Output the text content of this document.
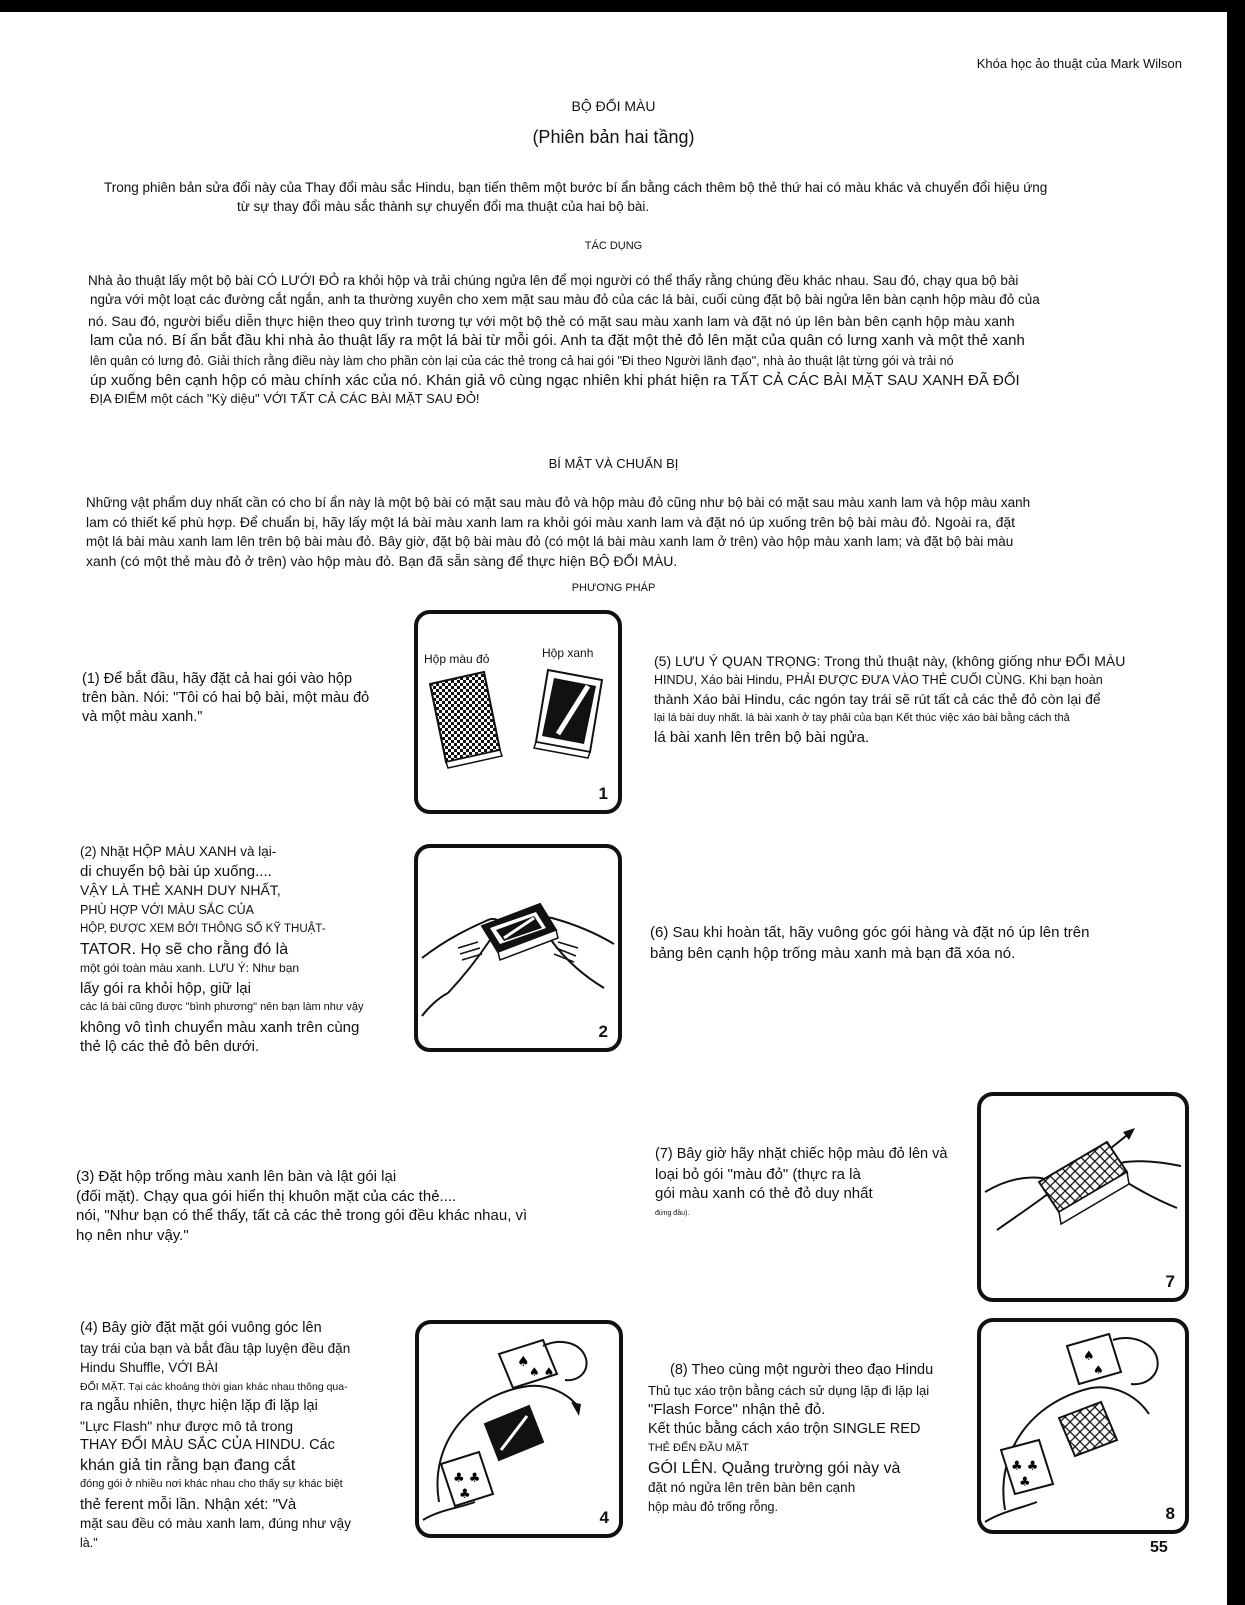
Khóa học ảo thuật của Mark Wilson
BỘ ĐỔI MÀU
(Phiên bản hai tầng)
Trong phiên bản sửa đổi này của Thay đổi màu sắc Hindu, bạn tiến thêm một bước bí ẩn bằng cách thêm bộ thẻ thứ hai có màu khác và chuyển đổi hiệu ứng
từ sự thay đổi màu sắc thành sự chuyển đổi ma thuật của hai bộ bài.
TÁC DỤNG
Nhà ảo thuật lấy một bộ bài CÓ LƯỚI ĐỎ ra khỏi hộp và trải chúng ngửa lên để mọi người có thể thấy rằng chúng đều khác nhau. Sau đó, chạy qua bộ bài
ngửa với một loạt các đường cắt ngắn, anh ta thường xuyên cho xem mặt sau màu đỏ của các lá bài, cuối cùng đặt bộ bài ngửa lên bàn cạnh hộp màu đỏ của
nó. Sau đó, người biểu diễn thực hiện theo quy trình tương tự với một bộ thẻ có mặt sau màu xanh lam và đặt nó úp lên bàn bên cạnh hộp màu xanh
lam của nó. Bí ẩn bắt đầu khi nhà ảo thuật lấy ra một lá bài từ mỗi gói. Anh ta đặt một thẻ đỏ lên mặt của quân có lưng xanh và một thẻ xanh
lên quân có lưng đỏ. Giải thích rằng điều này làm cho phần còn lại của các thẻ trong cả hai gói "Đi theo Người lãnh đạo", nhà ảo thuật lật từng gói và trải nó
úp xuống bên cạnh hộp có màu chính xác của nó. Khán giả vô cùng ngạc nhiên khi phát hiện ra TẤT CẢ CÁC BÀI MẶT SAU XANH ĐÃ ĐỔI
ĐỊA ĐIỂM một cách "Kỳ diệu" VỚI TẤT CẢ CÁC BÀI MẶT SAU ĐỎ!
BÍ MẬT VÀ CHUẨN BỊ
Những vật phẩm duy nhất cần có cho bí ẩn này là một bộ bài có mặt sau màu đỏ và hộp màu đỏ cũng như bộ bài có mặt sau màu xanh lam và hộp màu xanh
lam có thiết kế phù hợp. Để chuẩn bị, hãy lấy một lá bài màu xanh lam ra khỏi gói màu xanh lam và đặt nó úp xuống trên bộ bài màu đỏ. Ngoài ra, đặt
một lá bài màu xanh lam lên trên bộ bài màu đỏ. Bây giờ, đặt bộ bài màu đỏ (có một lá bài màu xanh lam ở trên) vào hộp màu xanh lam; và đặt bộ bài màu
xanh (có một thẻ màu đỏ ở trên) vào hộp màu đỏ. Bạn đã sẵn sàng để thực hiện BỘ ĐỔI MÀU.
PHƯƠNG PHÁP
(1) Để bắt đầu, hãy đặt cả hai gói vào hộp
trên bàn. Nói: "Tôi có hai bộ bài, một màu đỏ
và một màu xanh."
Hộp màu đỏ	Hộp xanh
1
(5) LƯU Ý QUAN TRỌNG: Trong thủ thuật này, (không giống như ĐỔI MÀU
HINDU, Xáo bài Hindu, PHẢI ĐƯỢC ĐƯA VÀO THẺ CUỐI CÙNG. Khi bạn hoàn
thành Xáo bài Hindu, các ngón tay trái sẽ rút tất cả các thẻ đỏ còn lại để
lại lá bài duy nhất. lá bài xanh ở tay phải của bạn Kết thúc việc xáo bài bằng cách thả
lá bài xanh lên trên bộ bài ngửa.
(2) Nhặt HỘP MÀU XANH và lại-
di chuyển bộ bài úp xuống....
VẬY LÀ THẺ XANH DUY NHẤT,
PHÙ HỢP VỚI MÀU SẮC CỦA
HỘP, ĐƯỢC XEM BỞI THÔNG SỐ KỸ THUẬT-
TATOR. Họ sẽ cho rằng đó là
một gói toàn màu xanh. LƯU Ý: Như bạn
lấy gói ra khỏi hộp, giữ lại
các lá bài cũng được "bình phương" nên bạn làm như vậy
không vô tình chuyển màu xanh trên cùng
thẻ lộ các thẻ đỏ bên dưới.
2
(6) Sau khi hoàn tất, hãy vuông góc gói hàng và đặt nó úp lên trên
bảng bên cạnh hộp trống màu xanh mà bạn đã xóa nó.
(3) Đặt hộp trống màu xanh lên bàn và lật gói lại
(đối mặt). Chạy qua gói hiển thị khuôn mặt của các thẻ....
nói, "Như bạn có thể thấy, tất cả các thẻ trong gói đều khác nhau, vì
họ nên như vậy."
(7) Bây giờ hãy nhặt chiếc hộp màu đỏ lên và
loại bỏ gói "màu đỏ" (thực ra là
gói màu xanh có thẻ đỏ duy nhất
đứng đầu).
7
(4) Bây giờ đặt mặt gói vuông góc lên
tay trái của bạn và bắt đầu tập luyện đều đặn
Hindu Shuffle, VỚI BÀI
ĐỔI MẶT. Tại các khoảng thời gian khác nhau thông qua-
ra ngẫu nhiên, thực hiện lặp đi lặp lại
"Lực Flash" như được mô tả trong
THAY ĐỔI MÀU SẮC CỦA HINDU. Các
khán giả tin rằng bạn đang cắt
đóng gói ở nhiều nơi khác nhau cho thấy sự khác biệt
thẻ ferent mỗi lần. Nhận xét: "Và
mặt sau đều có màu xanh lam, đúng như vậy
là."
♠
♠ ♠
♣ ♣
♣
4
(8) Theo cùng một người theo đạo Hindu
Thủ tục xáo trộn bằng cách sử dụng lặp đi lặp lại
"Flash Force" nhận thẻ đỏ.
Kết thúc bằng cách xáo trộn SINGLE RED
THẺ ĐẾN ĐẦU MẶT
GÓI LÊN. Quảng trường gói này và
đặt nó ngửa lên trên bàn bên cạnh
hộp màu đỏ trống rỗng.
♠
♠
♣ ♣
♣
8
55
